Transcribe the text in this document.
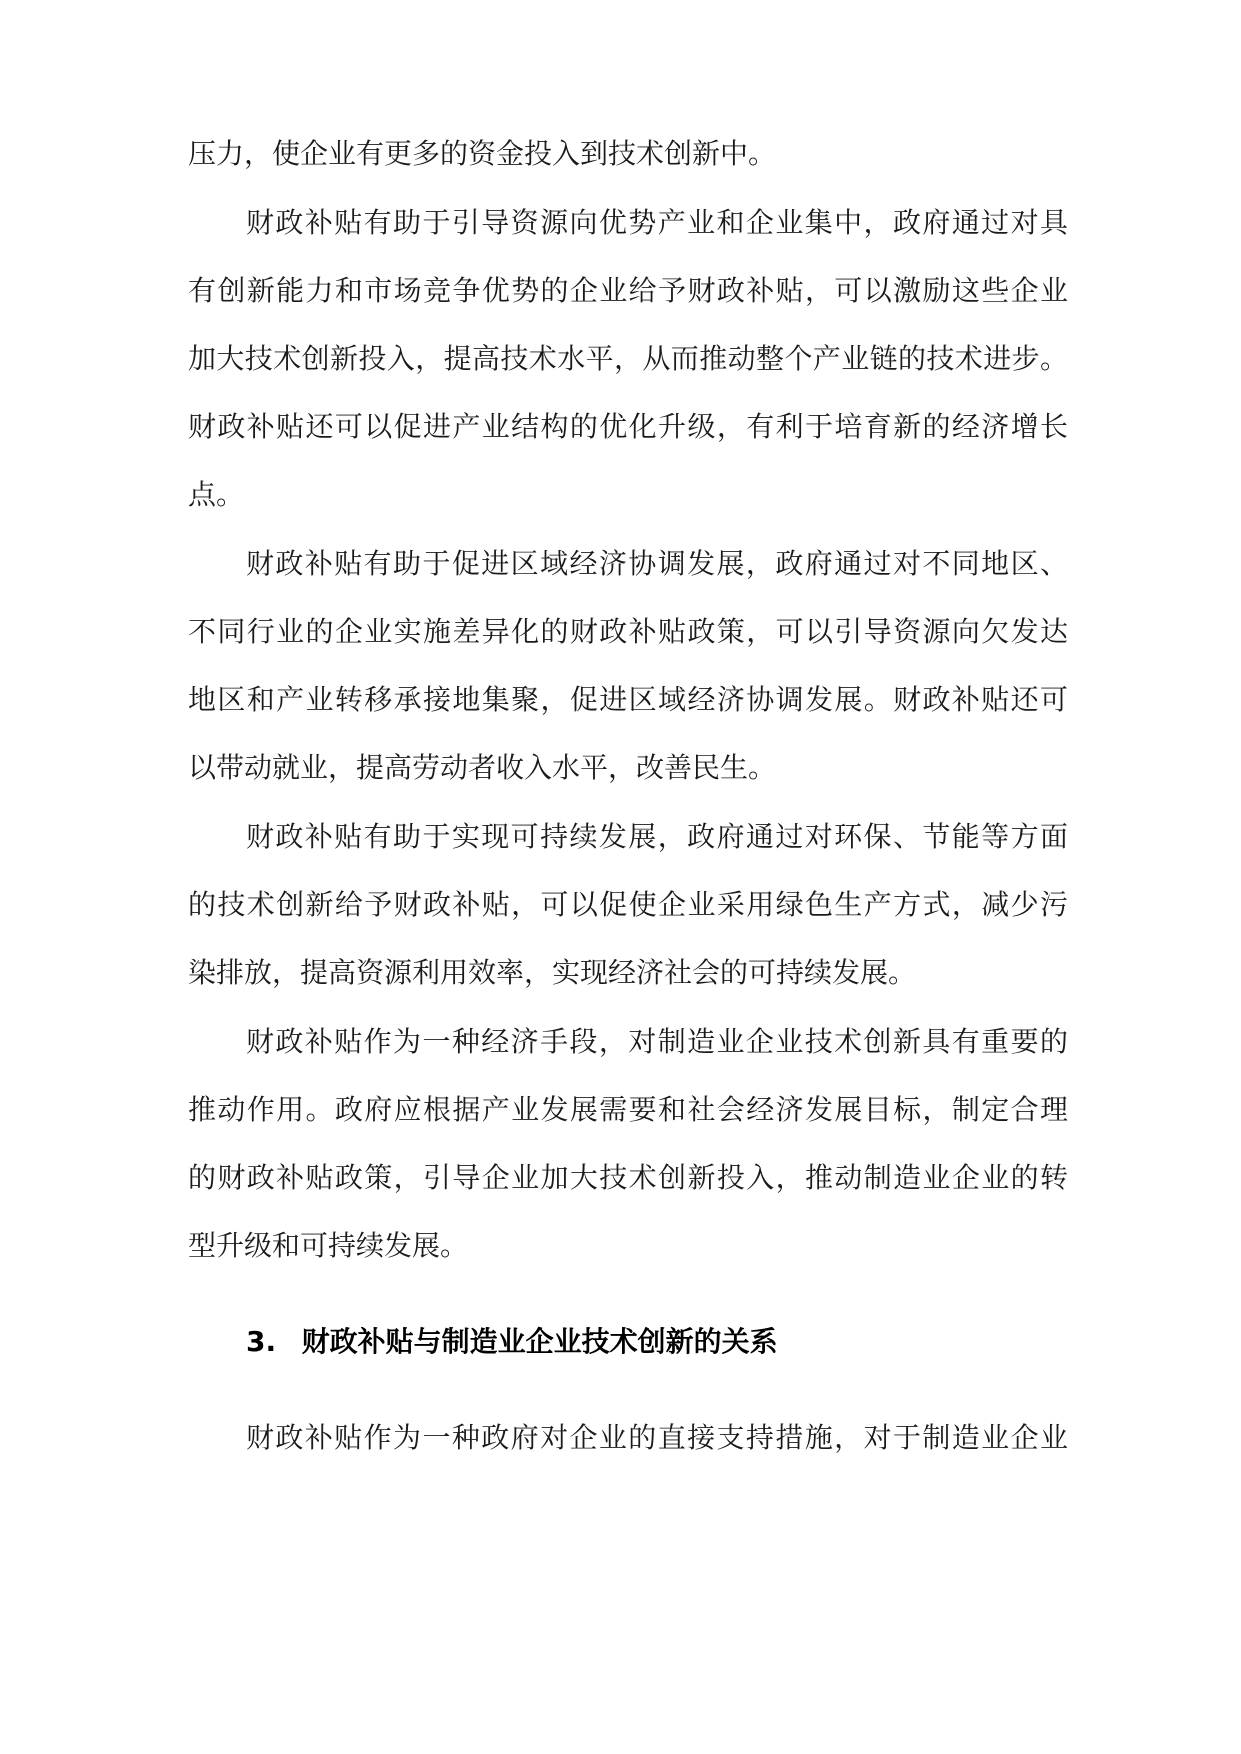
压力，使企业有更多的资金投入到技术创新中。
财政补贴有助于引导资源向优势产业和企业集中，政府通过对具
有创新能力和市场竞争优势的企业给予财政补贴，可以激励这些企业
加大技术创新投入，提高技术水平，从而推动整个产业链的技术进步。
财政补贴还可以促进产业结构的优化升级，有利于培育新的经济增长
点。
财政补贴有助于促进区域经济协调发展，政府通过对不同地区、
不同行业的企业实施差异化的财政补贴政策，可以引导资源向欠发达
地区和产业转移承接地集聚，促进区域经济协调发展。财政补贴还可
以带动就业，提高劳动者收入水平，改善民生。
财政补贴有助于实现可持续发展，政府通过对环保、节能等方面
的技术创新给予财政补贴，可以促使企业采用绿色生产方式，减少污
染排放，提高资源利用效率，实现经济社会的可持续发展。
财政补贴作为一种经济手段，对制造业企业技术创新具有重要的
推动作用。政府应根据产业发展需要和社会经济发展目标，制定合理
的财政补贴政策，引导企业加大技术创新投入，推动制造业企业的转
型升级和可持续发展。
3. 财政补贴与制造业企业技术创新的关系
财政补贴作为一种政府对企业的直接支持措施，对于制造业企业
